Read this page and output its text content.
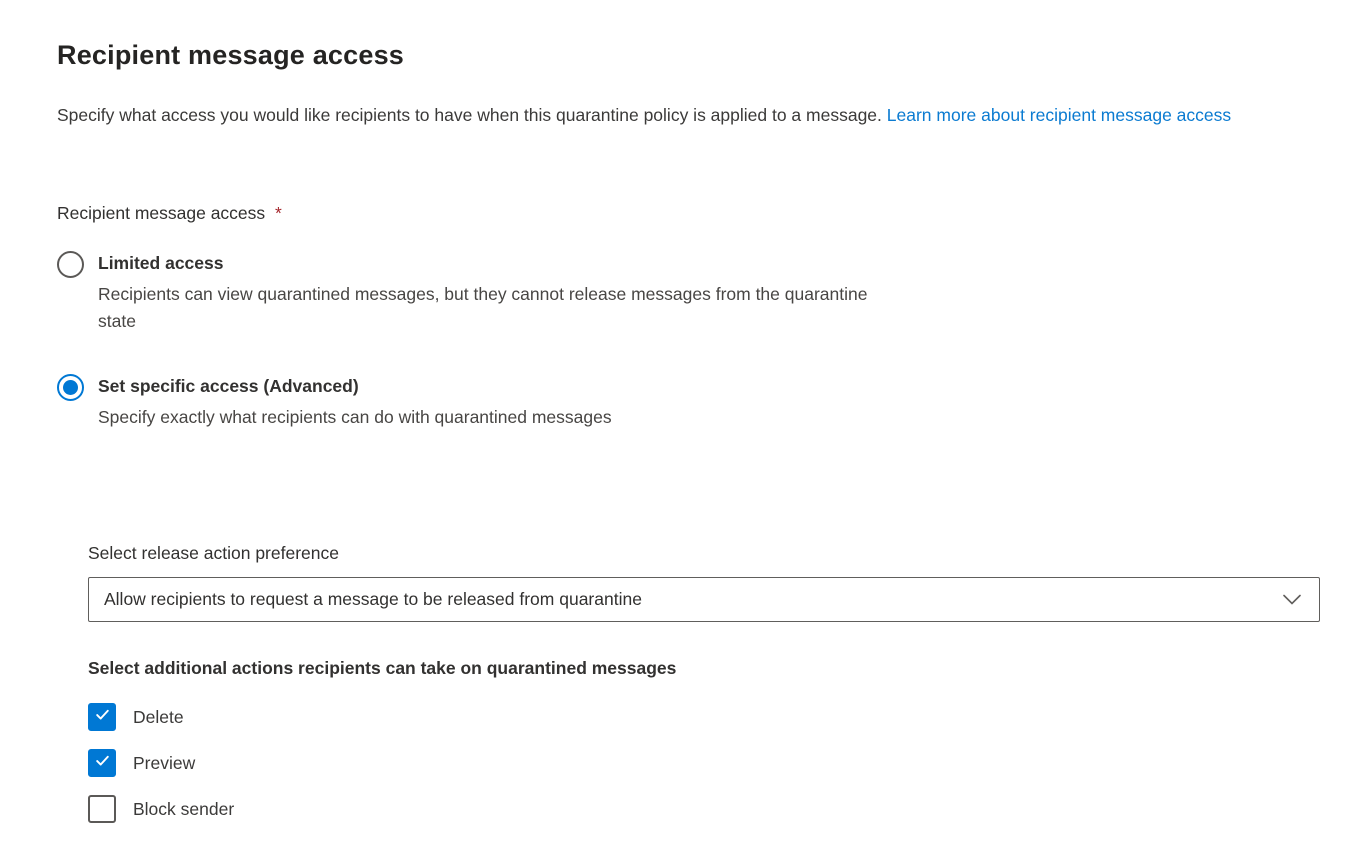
Recipient message access
Specify what access you would like recipients to have when this quarantine policy is applied to a message. Learn more about recipient message access
Recipient message access *
Limited access
Recipients can view quarantined messages, but they cannot release messages from the quarantine state
Set specific access (Advanced)
Specify exactly what recipients can do with quarantined messages
Select release action preference
Allow recipients to request a message to be released from quarantine
Select additional actions recipients can take on quarantined messages
Delete
Preview
Block sender
